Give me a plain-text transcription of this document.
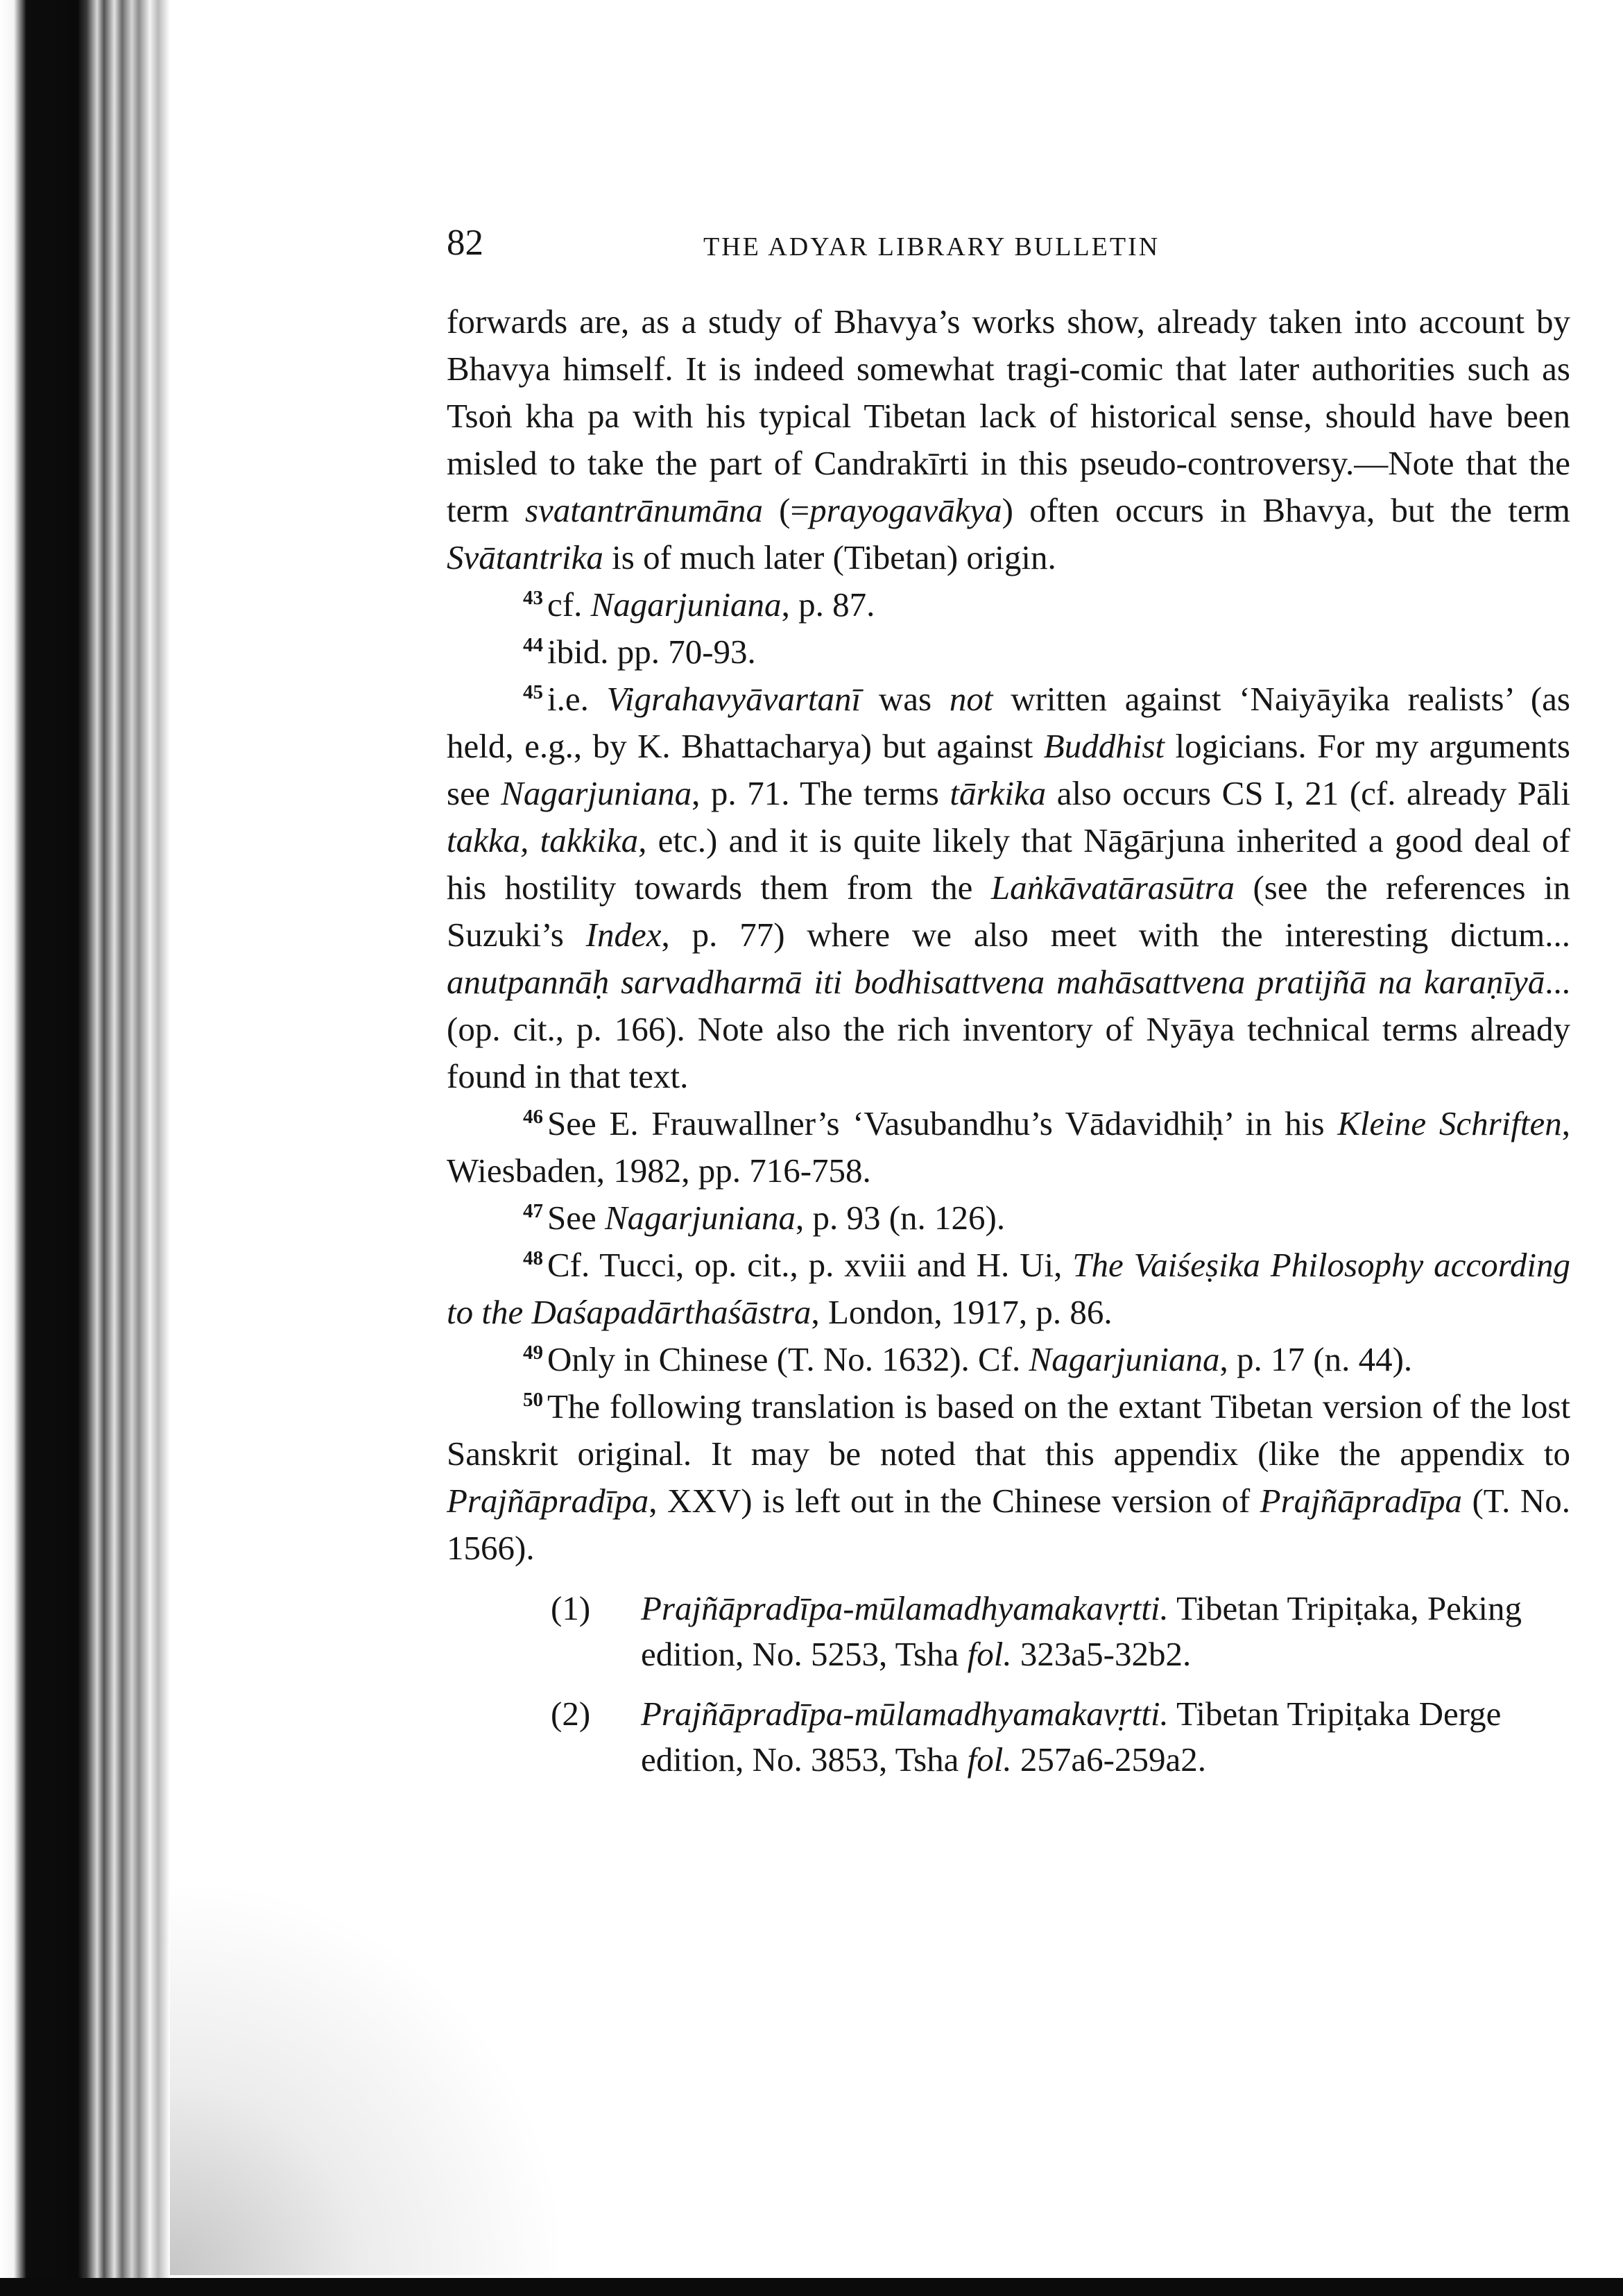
82	THE ADYAR LIBRARY BULLETIN

forwards are, as a study of Bhavya’s works show, already taken into account by Bhavya himself. It is indeed somewhat tragi-comic that later authorities such as Tsoṅ kha pa with his typical Tibetan lack of historical sense, should have been misled to take the part of Candrakīrti in this pseudo-controversy.—Note that the term svatantrānumāna (=prayogavākya) often occurs in Bhavya, but the term Svātantrika is of much later (Tibetan) origin.

$^{43}$ cf. Nagarjuniana, p. 87.

$^{44}$ ibid. pp. 70-93.

$^{45}$ i.e. Vigrahavyāvartanī was not written against ‘Naiyāyika realists’ (as held, e.g., by K. Bhattacharya) but against Buddhist logicians. For my arguments see Nagarjuniana, p. 71. The terms tārkika also occurs CS I, 21 (cf. already Pāli takka, takkika, etc.) and it is quite likely that Nāgārjuna inherited a good deal of his hostility towards them from the Laṅkāvatārasūtra (see the references in Suzuki’s Index, p. 77) where we also meet with the interesting dictum... anutpannāḥ sarvadharmā iti bodhisattvena mahāsattvena pratijñā na karaṇīyā... (op. cit., p. 166). Note also the rich inventory of Nyāya technical terms already found in that text.

$^{46}$ See E. Frauwallner’s ‘Vasubandhu’s Vādavidhiḥ’ in his Kleine Schriften, Wiesbaden, 1982, pp. 716-758.

$^{47}$ See Nagarjuniana, p. 93 (n. 126).

$^{48}$ Cf. Tucci, op. cit., p. xviii and H. Ui, The Vaiśeṣika Philosophy according to the Daśapadārthaśāstra, London, 1917, p. 86.

$^{49}$ Only in Chinese (T. No. 1632). Cf. Nagarjuniana, p. 17 (n. 44).

$^{50}$ The following translation is based on the extant Tibetan version of the lost Sanskrit original. It may be noted that this appendix (like the appendix to Prajñāpradīpa, XXV) is left out in the Chinese version of Prajñāpradīpa (T. No. 1566).

(1) Prajñāpradīpa-mūlamadhyamakavṛtti. Tibetan Tripiṭaka, Peking edition, No. 5253, Tsha fol. 323a5-32b2.
(2) Prajñāpradīpa-mūlamadhyamakavṛtti. Tibetan Tripiṭaka Derge edition, No. 3853, Tsha fol. 257a6-259a2.
